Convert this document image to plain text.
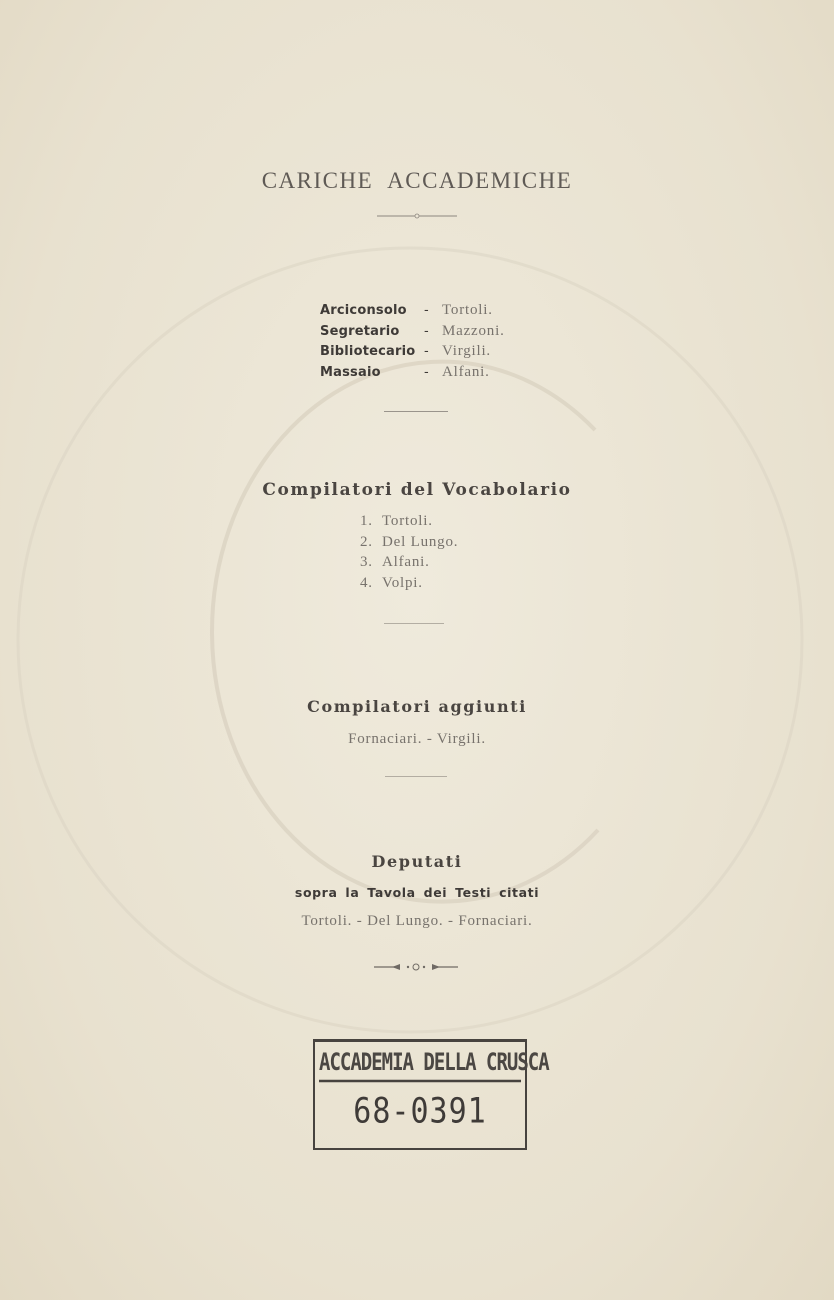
CARICHE ACCADEMICHE
Arciconsolo	- Tortoli.
Segretario	- Mazzoni.
Bibliotecario - Virgili.
Massaio	- Alfani.
Compilatori del Vocabolario
1. Tortoli.
2. Del Lungo.
3. Alfani.
4. Volpi.
Compilatori aggiunti
Fornaciari. - Virgili.
Deputati
sopra la Tavola dei Testi citati
Tortoli. - Del Lungo. - Fornaciari.
ACCADEMIA DELLA CRUSCA
68-0391
